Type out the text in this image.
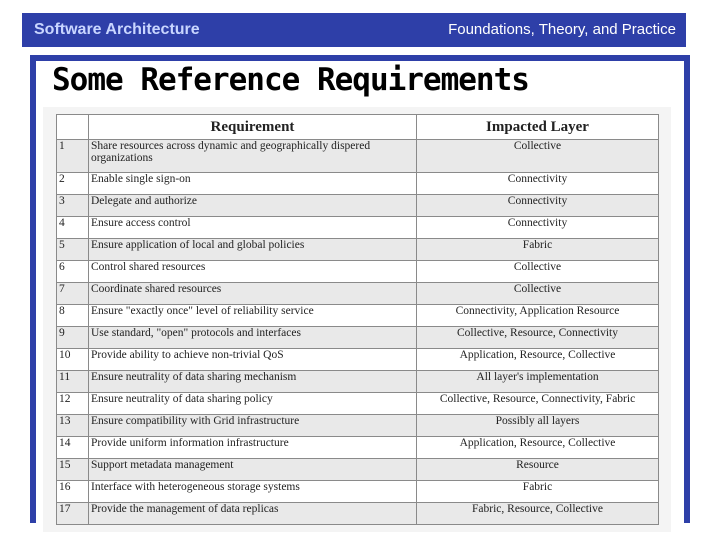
Software Architecture	Foundations, Theory, and Practice
Some Reference Requirements
	Requirement	Impacted Layer
1	Share resources across dynamic and geographically dispered organizations	Collective
2	Enable single sign-on	Connectivity
3	Delegate and authorize	Connectivity
4	Ensure access control	Connectivity
5	Ensure application of local and global policies	Fabric
6	Control shared resources	Collective
7	Coordinate shared resources	Collective
8	Ensure "exactly once" level of reliability service	Connectivity, Application Resource
9	Use standard, "open" protocols and interfaces	Collective, Resource, Connectivity
10	Provide ability to achieve non-trivial QoS	Application, Resource, Collective
11	Ensure neutrality of data sharing mechanism	All layer's implementation
12	Ensure neutrality of data sharing policy	Collective, Resource, Connectivity, Fabric
13	Ensure compatibility with Grid infrastructure	Possibly all layers
14	Provide uniform information infrastructure	Application, Resource, Collective
15	Support metadata management	Resource
16	Interface with heterogeneous storage systems	Fabric
17	Provide the management of data replicas	Fabric, Resource, Collective
